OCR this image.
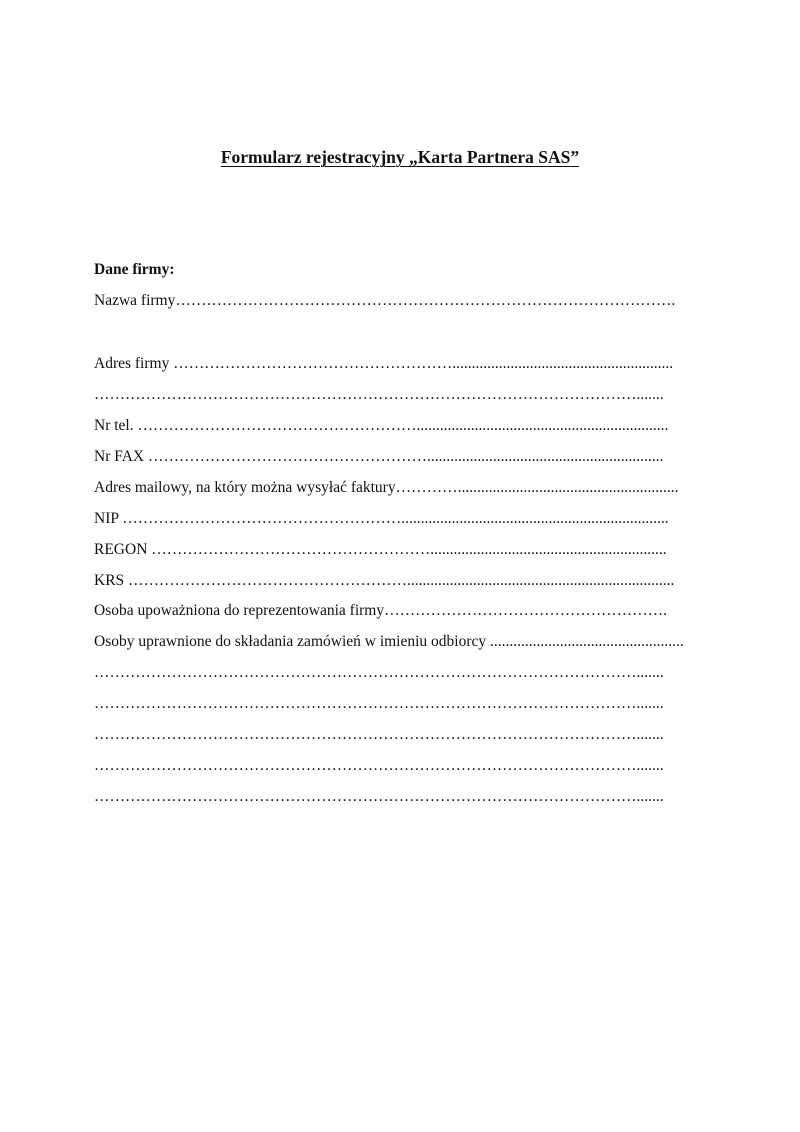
Formularz rejestracyjny „Karta Partnera SAS”
Dane firmy:
Nazwa firmy…………………………………………………………………………………….
Adres firmy ……………………………………………….........................................................
…………………………………………………………………………………………….......
Nr tel. ……………………………………………….................................................................
Nr FAX ……………………………………………….............................................................
Adres mailowy, na który można wysyłać faktury………….........................................................
NIP ……………………………………………….....................................................................
REGON ……………………………………………….............................................................
KRS ……………………………………………….....................................................................
Osoba upoważniona do reprezentowania firmy……………………………………………….
Osoby uprawnione do składania zamówień w imieniu odbiorcy ..................................................
…………………………………………………………………………………………….......
…………………………………………………………………………………………….......
…………………………………………………………………………………………….......
…………………………………………………………………………………………….......
…………………………………………………………………………………………….......
